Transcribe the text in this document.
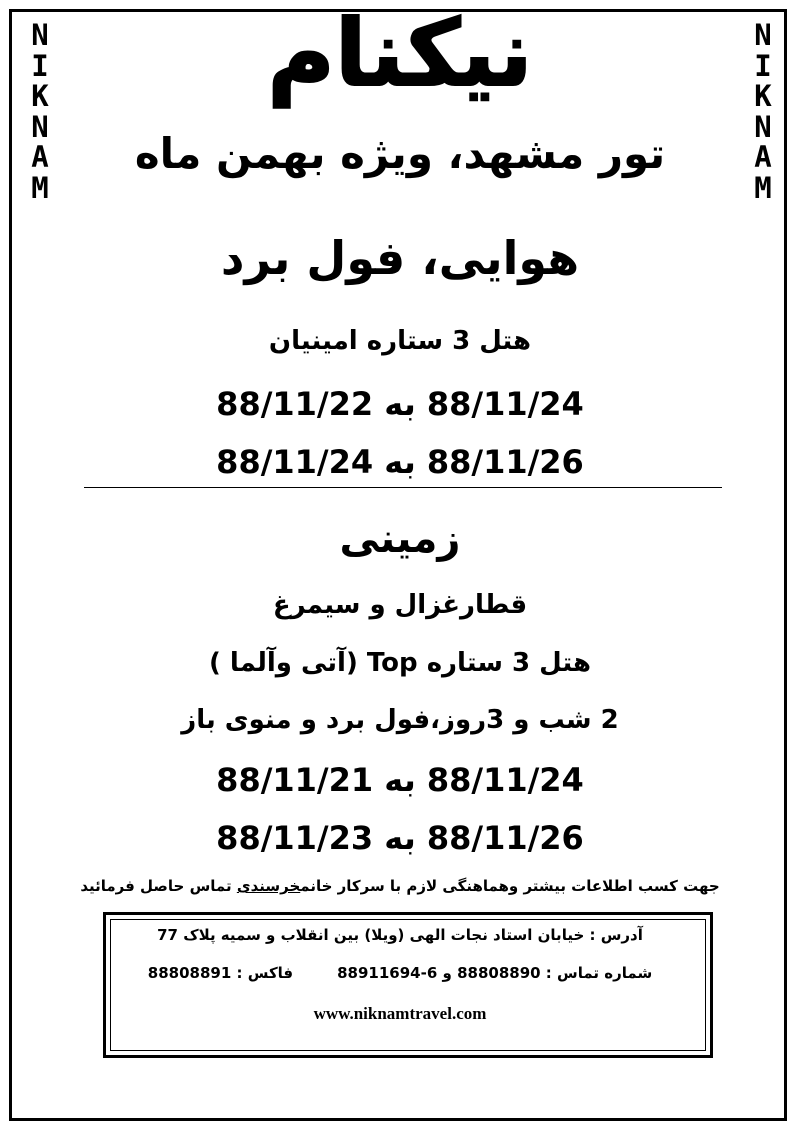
N
I
K
N
A
M
N
I
K
N
A
M
نیکنام
تور مشهد، ویژه بهمن ماه
هوایی، فول برد
هتل 3 ستاره امینیان
88/11/24 به 88/11/22
88/11/26 به 88/11/24
زمینی
قطارغزال و سیمرغ
هتل 3 ستاره Top (آتی وآلما )
2 شب و 3روز،فول برد و منوی باز
88/11/24 به 88/11/21
88/11/26 به 88/11/23
جهت کسب اطلاعات بیشتر وهماهنگی لازم با سرکار خانمخرسندی تماس حاصل فرمائید
آدرس : خیابان استاد نجات الهی (ویلا) بین انقلاب و سمیه پلاک 77
شماره تماس : 88808890 و 6-88911694فاکس : 88808891
www.niknamtravel.com
